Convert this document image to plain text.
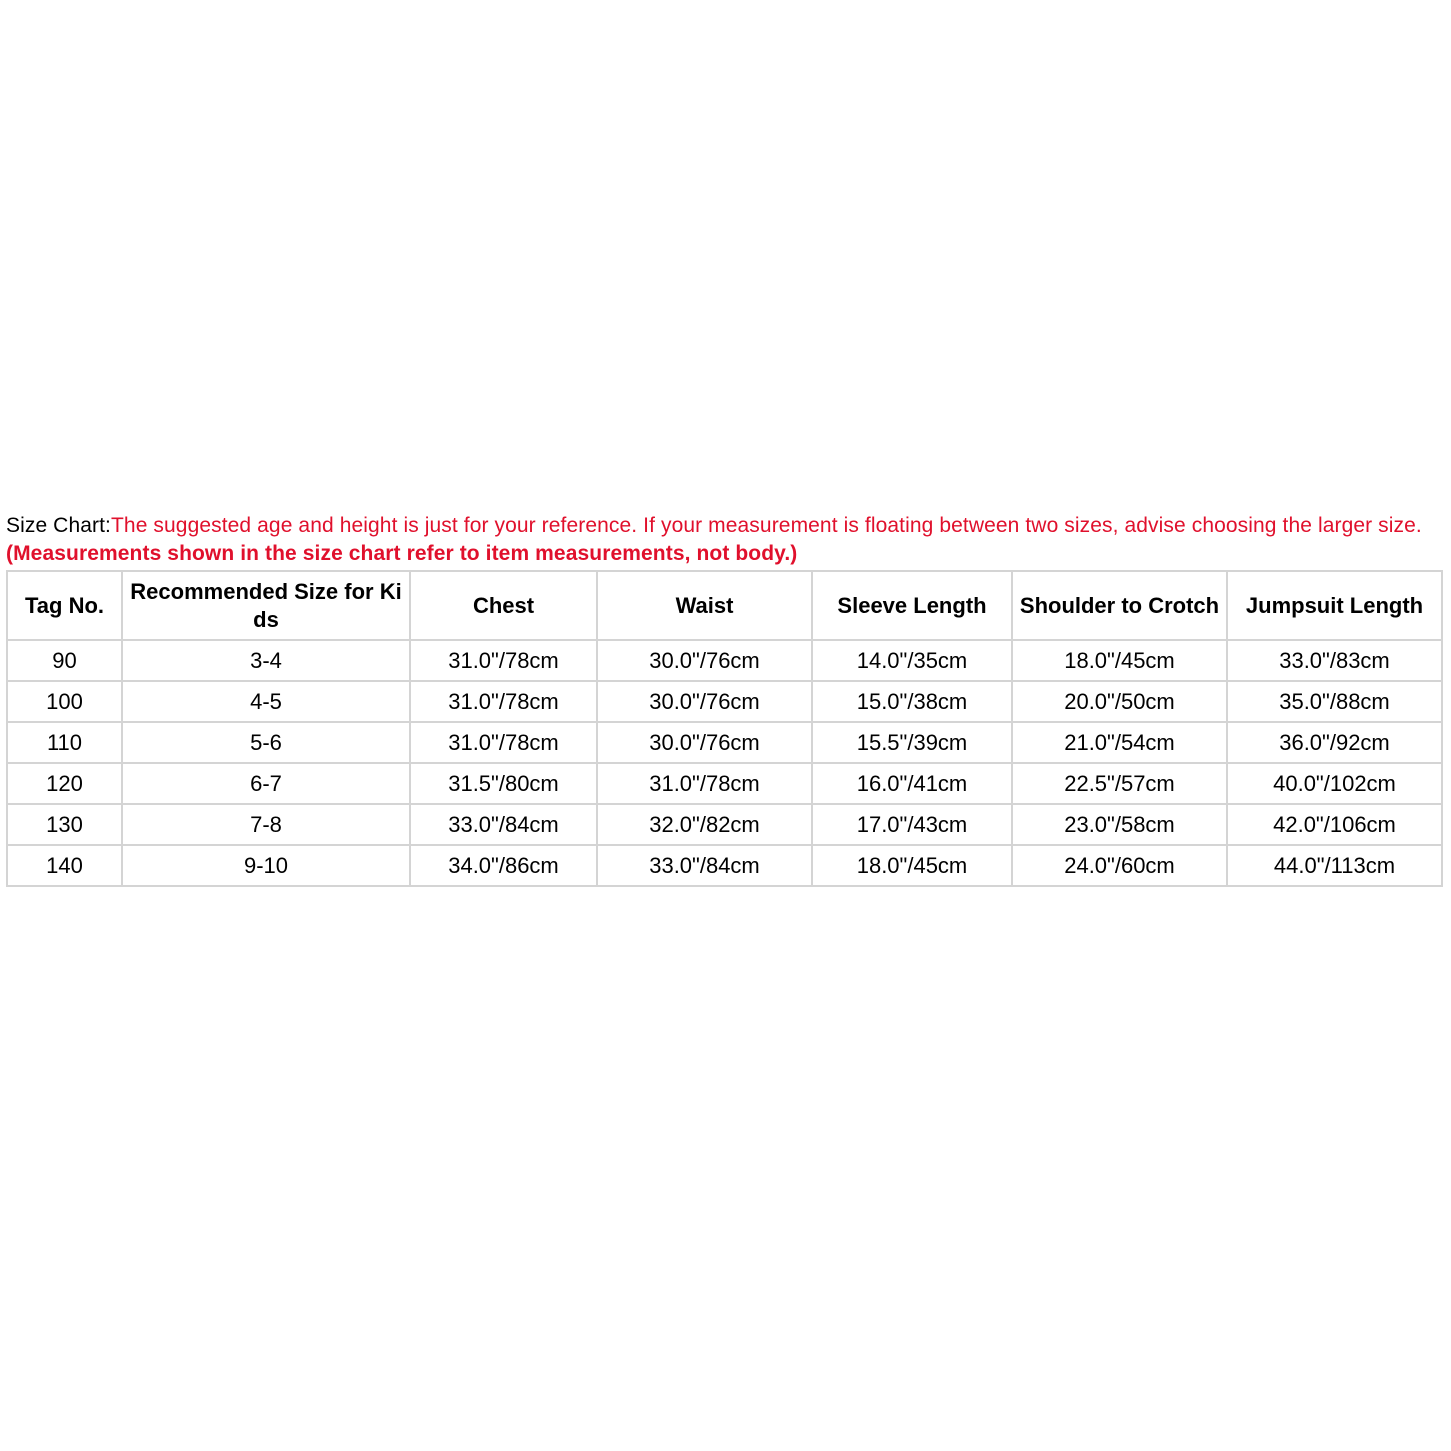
Size Chart:The suggested age and height is just for your reference. If your measurement is floating between two sizes, advise choosing the larger size. (Measurements shown in the size chart refer to item measurements, not body.)
Tag No.	Recommended Size for Kids	Chest	Waist	Sleeve Length	Shoulder to Crotch	Jumpsuit Length
90	3-4	31.0"/78cm	30.0"/76cm	14.0"/35cm	18.0"/45cm	33.0"/83cm
100	4-5	31.0"/78cm	30.0"/76cm	15.0"/38cm	20.0"/50cm	35.0"/88cm
110	5-6	31.0"/78cm	30.0"/76cm	15.5"/39cm	21.0"/54cm	36.0"/92cm
120	6-7	31.5"/80cm	31.0"/78cm	16.0"/41cm	22.5"/57cm	40.0"/102cm
130	7-8	33.0"/84cm	32.0"/82cm	17.0"/43cm	23.0"/58cm	42.0"/106cm
140	9-10	34.0"/86cm	33.0"/84cm	18.0"/45cm	24.0"/60cm	44.0"/113cm
